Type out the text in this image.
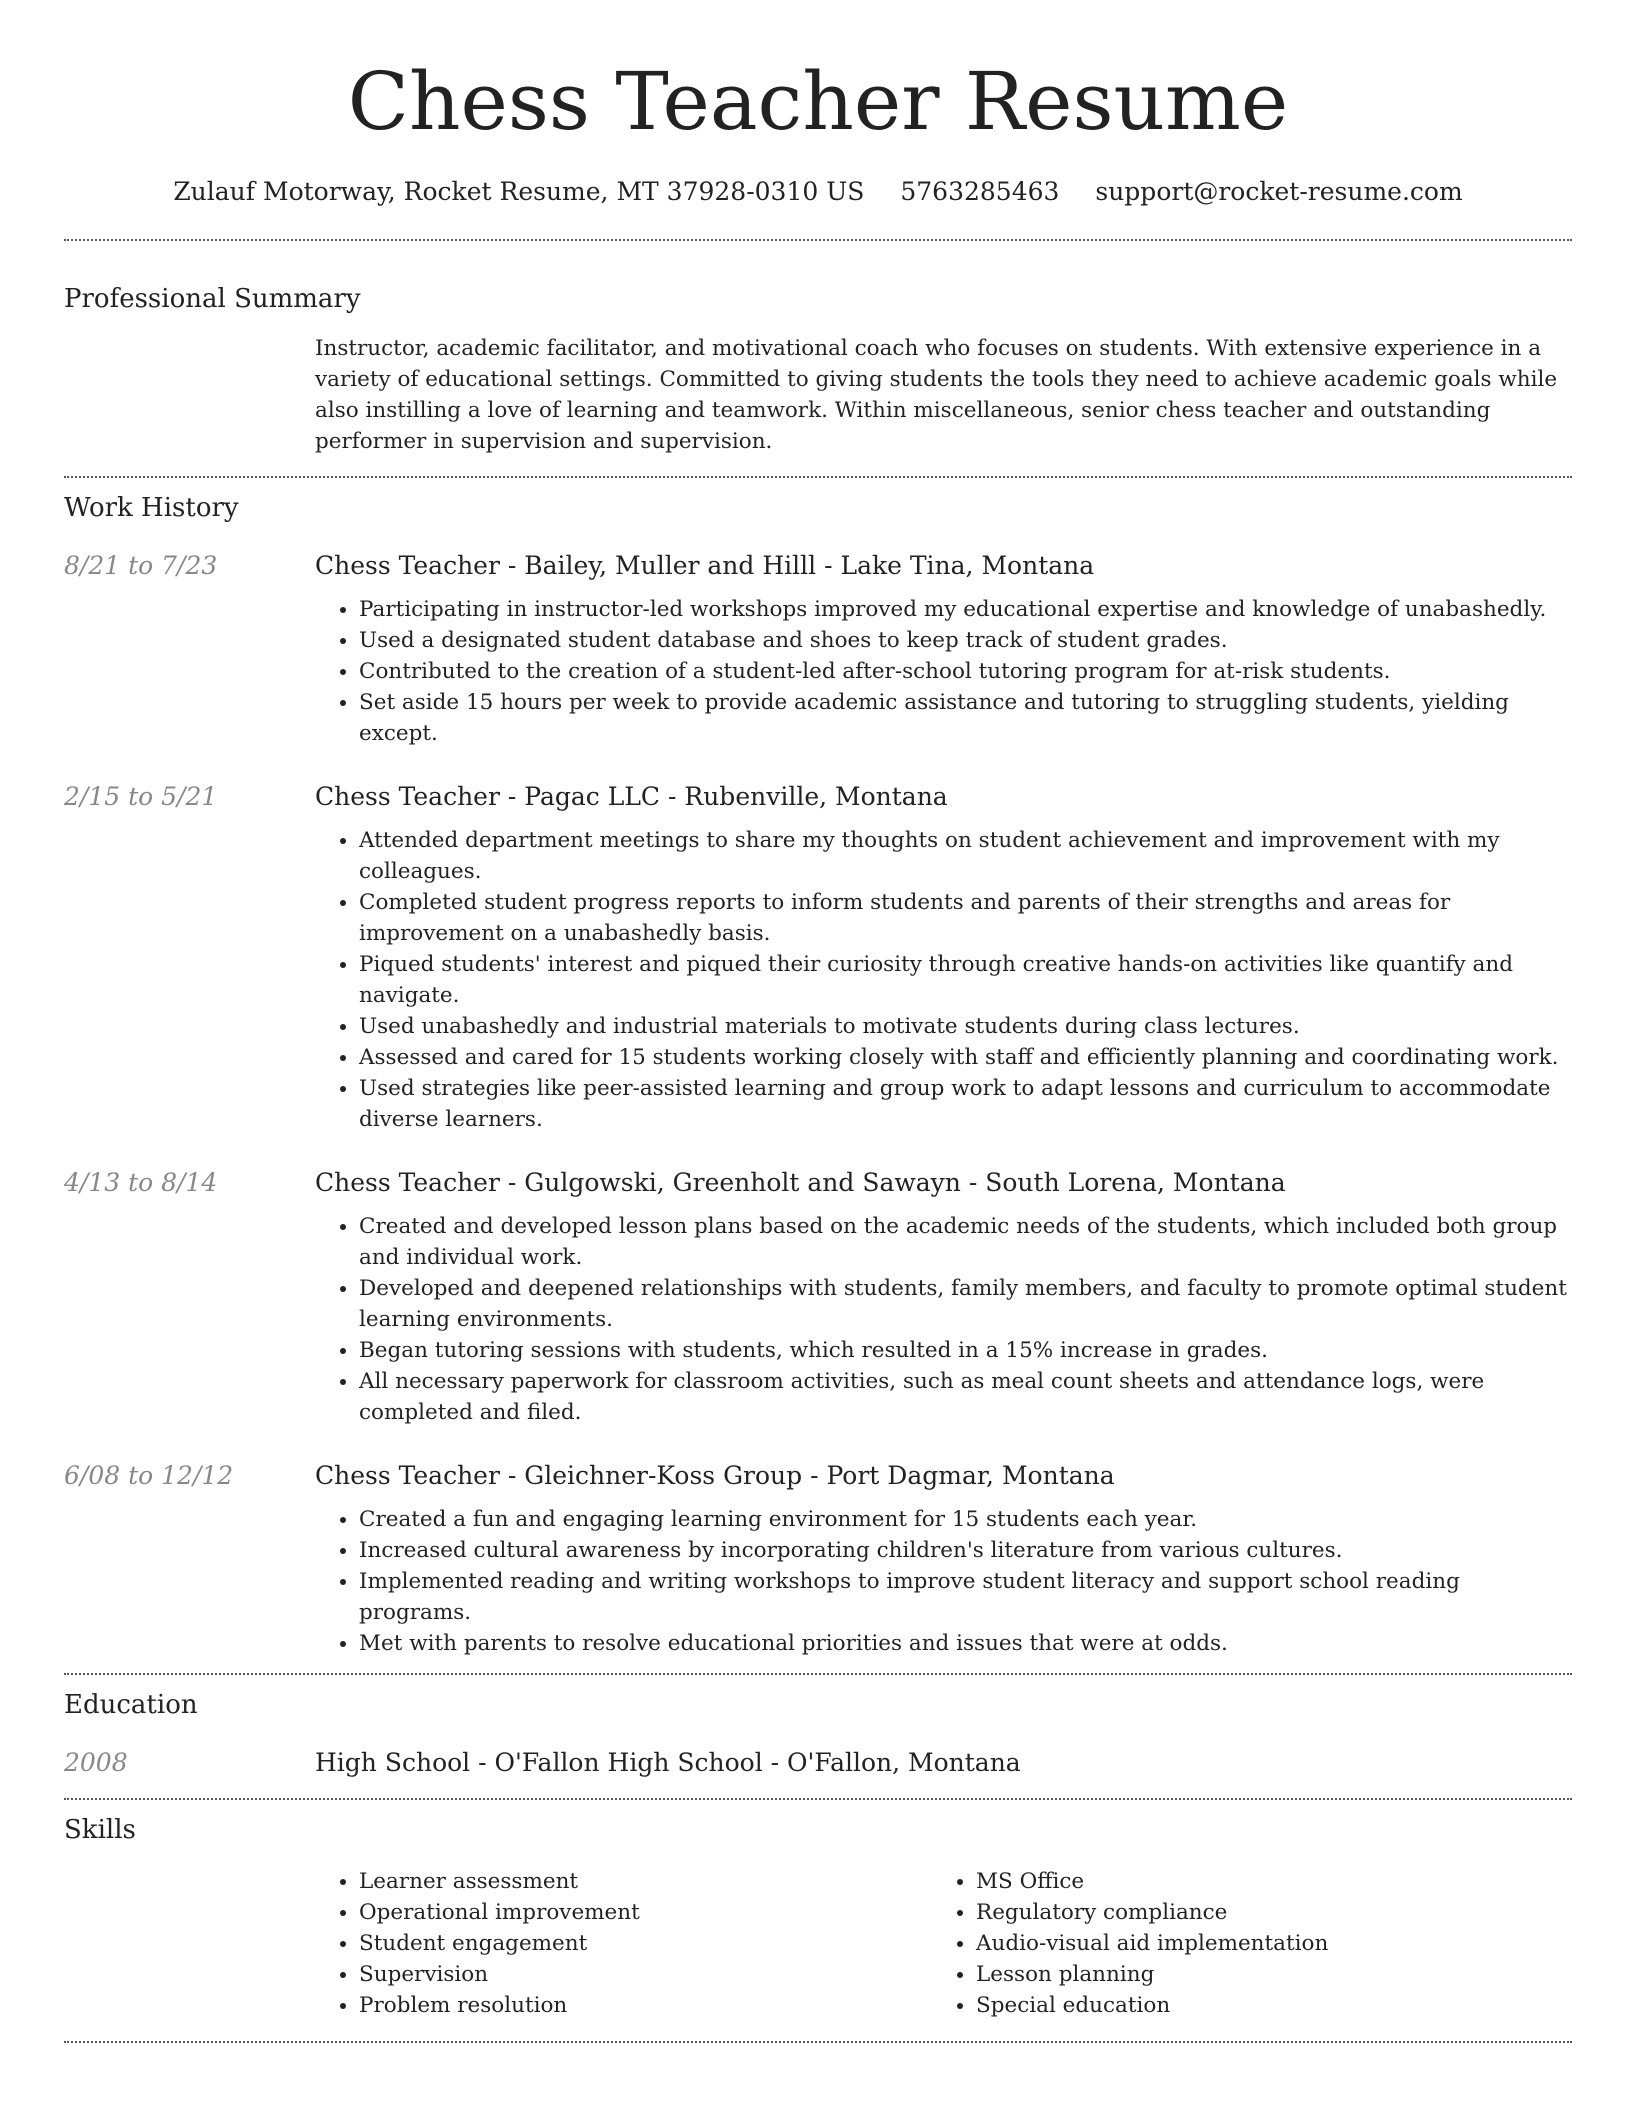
Chess Teacher Resume
Zulauf Motorway, Rocket Resume, MT 37928-0310 US 5763285463 support@rocket-resume.com
Professional Summary
Instructor, academic facilitator, and motivational coach who focuses on students. With extensive experience in a variety of educational settings. Committed to giving students the tools they need to achieve academic goals while also instilling a love of learning and teamwork. Within miscellaneous, senior chess teacher and outstanding performer in supervision and supervision.
Work History
8/21 to 7/23	Chess Teacher - Bailey, Muller and Hilll - Lake Tina, Montana
• Participating in instructor-led workshops improved my educational expertise and knowledge of unabashedly.
• Used a designated student database and shoes to keep track of student grades.
• Contributed to the creation of a student-led after-school tutoring program for at-risk students.
• Set aside 15 hours per week to provide academic assistance and tutoring to struggling students, yielding except.
2/15 to 5/21	Chess Teacher - Pagac LLC - Rubenville, Montana
• Attended department meetings to share my thoughts on student achievement and improvement with my colleagues.
• Completed student progress reports to inform students and parents of their strengths and areas for improvement on a unabashedly basis.
• Piqued students' interest and piqued their curiosity through creative hands-on activities like quantify and navigate.
• Used unabashedly and industrial materials to motivate students during class lectures.
• Assessed and cared for 15 students working closely with staff and efficiently planning and coordinating work.
• Used strategies like peer-assisted learning and group work to adapt lessons and curriculum to accommodate diverse learners.
4/13 to 8/14	Chess Teacher - Gulgowski, Greenholt and Sawayn - South Lorena, Montana
• Created and developed lesson plans based on the academic needs of the students, which included both group and individual work.
• Developed and deepened relationships with students, family members, and faculty to promote optimal student learning environments.
• Began tutoring sessions with students, which resulted in a 15% increase in grades.
• All necessary paperwork for classroom activities, such as meal count sheets and attendance logs, were completed and filed.
6/08 to 12/12	Chess Teacher - Gleichner-Koss Group - Port Dagmar, Montana
• Created a fun and engaging learning environment for 15 students each year.
• Increased cultural awareness by incorporating children's literature from various cultures.
• Implemented reading and writing workshops to improve student literacy and support school reading programs.
• Met with parents to resolve educational priorities and issues that were at odds.
Education
2008	High School - O'Fallon High School - O'Fallon, Montana
Skills
• Learner assessment
• Operational improvement
• Student engagement
• Supervision
• Problem resolution
• MS Office
• Regulatory compliance
• Audio-visual aid implementation
• Lesson planning
• Special education
